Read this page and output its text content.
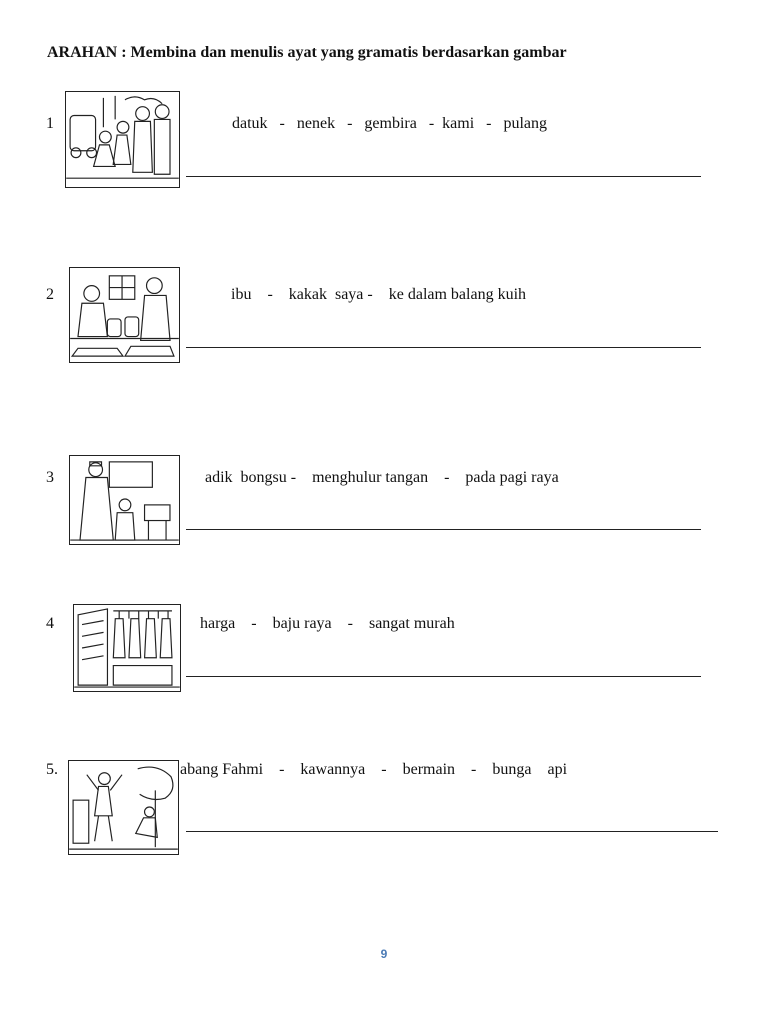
ARAHAN : Membina dan menulis ayat yang gramatis berdasarkan gambar
1	datuk   -   nenek   -   gembira   -  kami   -   pulang
2	ibu    -    kakak  saya -    ke dalam balang kuih
3	adik  bongsu -    menghulur tangan    -    pada pagi raya
4	harga    -    baju raya    -    sangat murah
5.	abang Fahmi    -    kawannya    -    bermain    -    bunga    api
9
